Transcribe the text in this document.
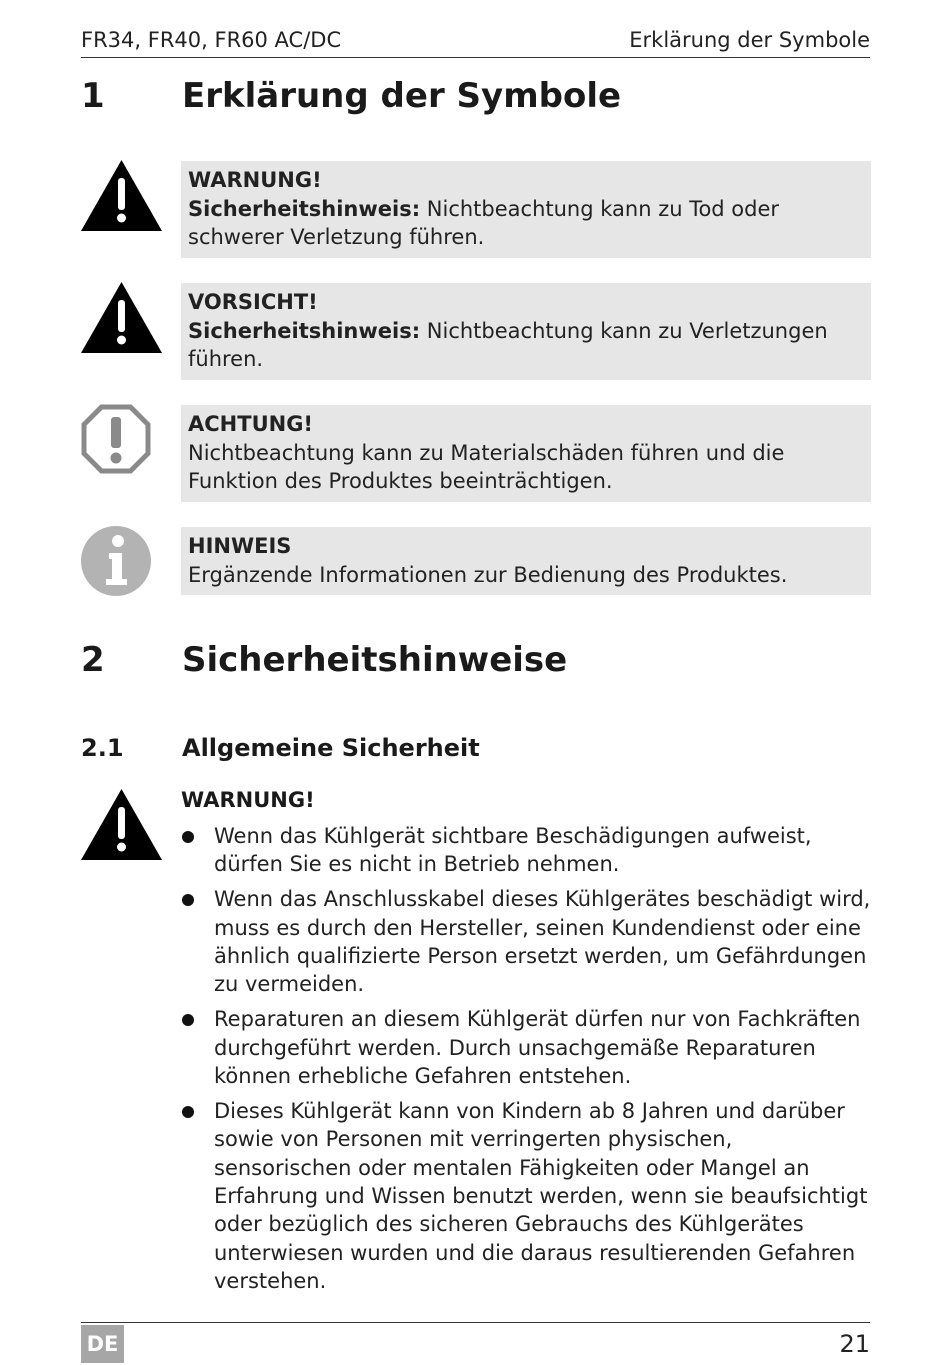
FR34, FR40, FR60 AC/DC	Erklärung der Symbole
1 Erklärung der Symbole
WARNUNG!
Sicherheitshinweis: Nichtbeachtung kann zu Tod oder schwerer Verletzung führen.
VORSICHT!
Sicherheitshinweis: Nichtbeachtung kann zu Verletzungen führen.
ACHTUNG!
Nichtbeachtung kann zu Materialschäden führen und die Funktion des Produktes beeinträchtigen.
HINWEIS
Ergänzende Informationen zur Bedienung des Produktes.
2 Sicherheitshinweise
2.1 Allgemeine Sicherheit
WARNUNG!
Wenn das Kühlgerät sichtbare Beschädigungen aufweist, dürfen Sie es nicht in Betrieb nehmen.
Wenn das Anschlusskabel dieses Kühlgerätes beschädigt wird, muss es durch den Hersteller, seinen Kundendienst oder eine ähnlich qualifizierte Person ersetzt werden, um Gefährdungen zu vermeiden.
Reparaturen an diesem Kühlgerät dürfen nur von Fachkräften durchgeführt werden. Durch unsachgemäße Reparaturen können erhebliche Gefahren entstehen.
Dieses Kühlgerät kann von Kindern ab 8 Jahren und darüber sowie von Personen mit verringerten physischen, sensorischen oder mentalen Fähigkeiten oder Mangel an Erfahrung und Wissen benutzt werden, wenn sie beaufsichtigt oder bezüglich des sicheren Gebrauchs des Kühlgerätes unterwiesen wurden und die daraus resultierenden Gefahren verstehen.
DE	21
